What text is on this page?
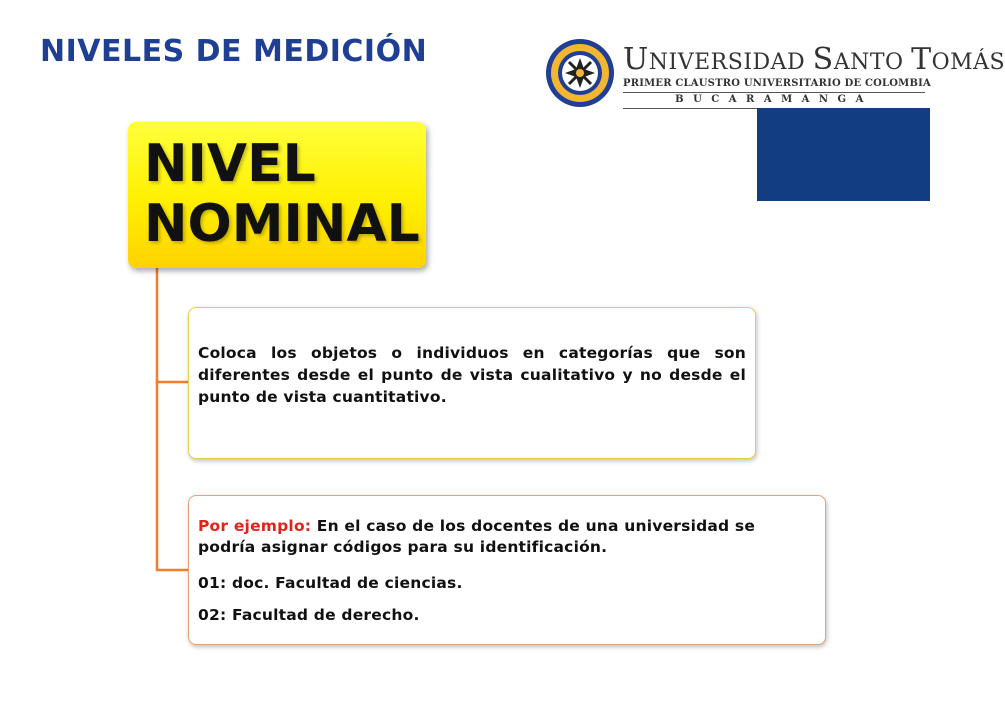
NIVELES DE MEDICIÓN	UNIVERSIDAD SANTO TOMÁS
PRIMER CLAUSTRO UNIVERSITARIO DE COLOMBIA
BUCARAMANGA
NIVEL
NOMINAL
Coloca los objetos o individuos en categorías que son diferentes desde el punto de vista cualitativo y no desde el punto de vista cuantitativo.
Por ejemplo: En el caso de los docentes de una universidad se podría asignar códigos para su identificación.
01: doc. Facultad de ciencias.
02: Facultad de derecho.
